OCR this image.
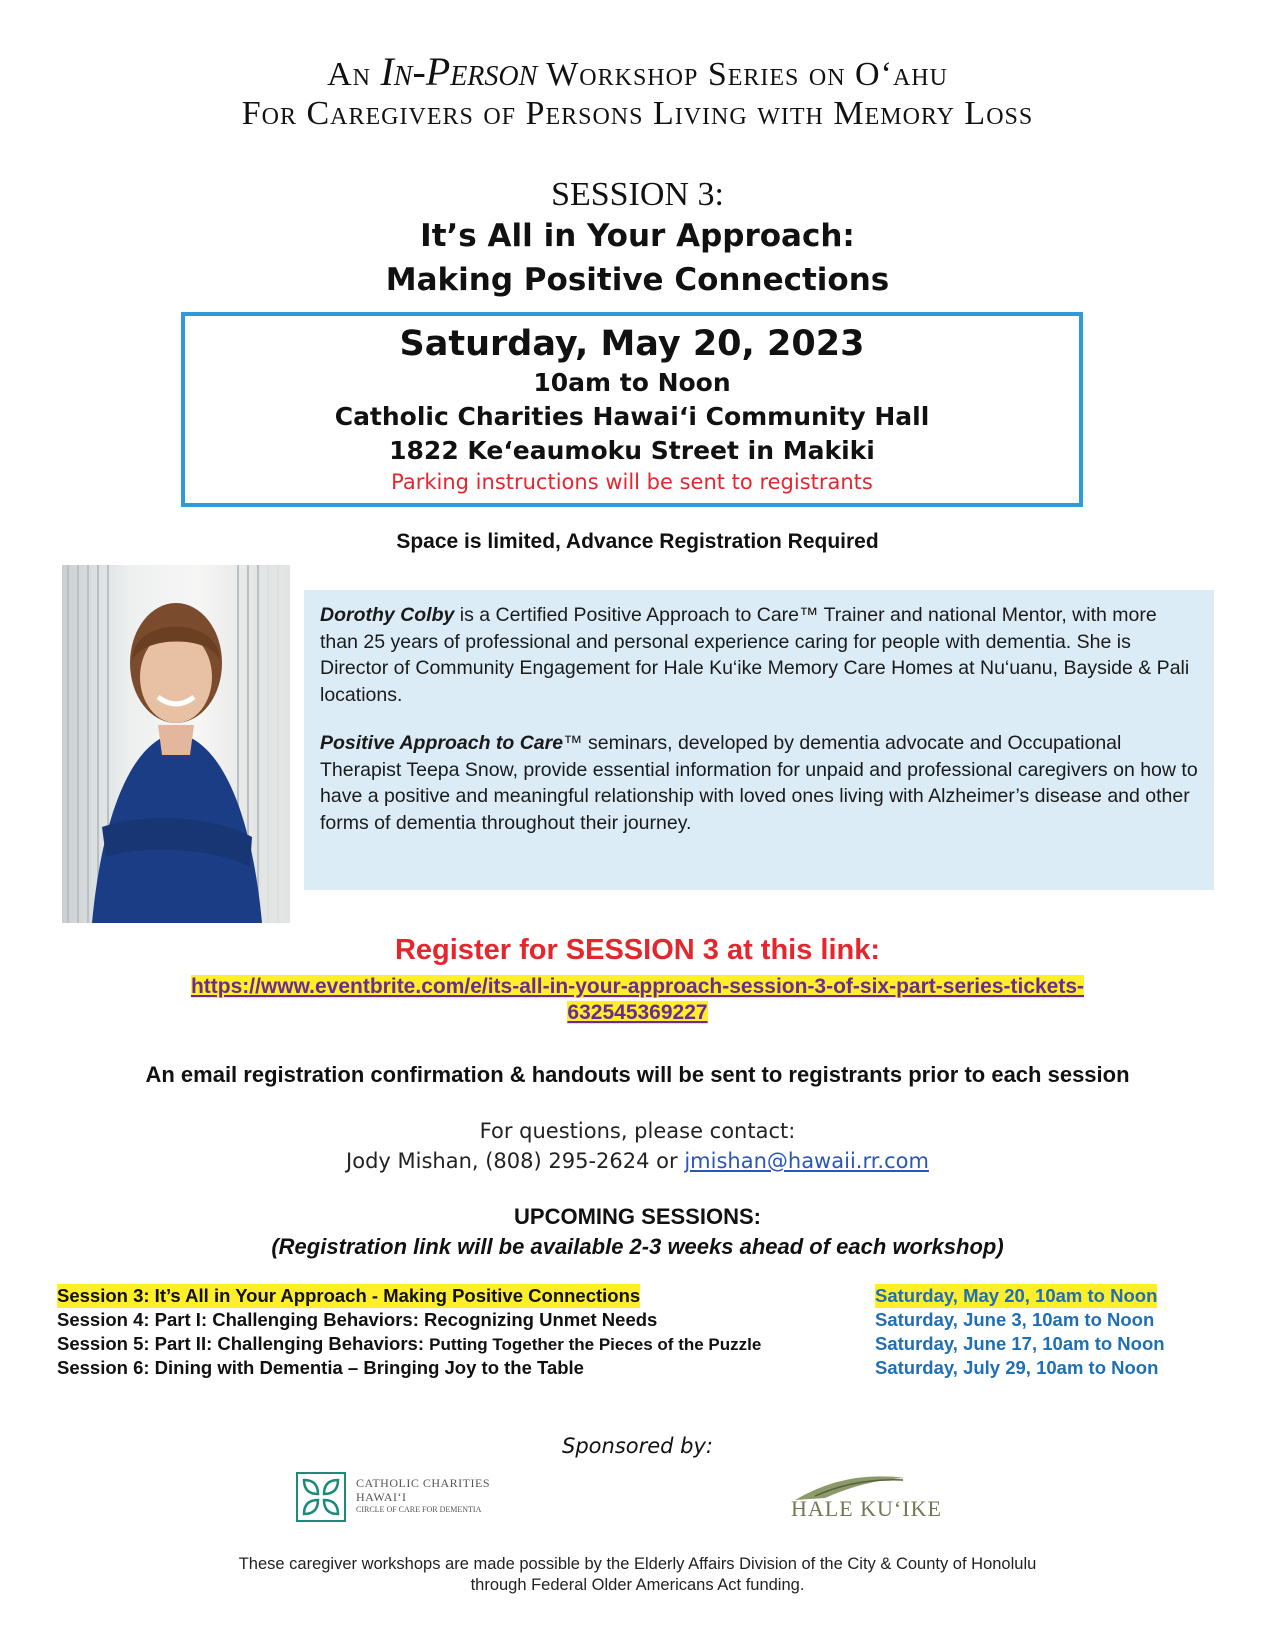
An In-Person Workshop Series on O‘ahu
For Caregivers of Persons Living with Memory Loss
SESSION 3:
It’s All in Your Approach:
Making Positive Connections
Saturday, May 20, 2023
10am to Noon
Catholic Charities Hawai‘i Community Hall
1822 Ke‘eaumoku Street in Makiki
Parking instructions will be sent to registrants
Space is limited, Advance Registration Required

Dorothy Colby is a Certified Positive Approach to Care™ Trainer and national Mentor, with more than 25 years of professional and personal experience caring for people with dementia. She is Director of Community Engagement for Hale Ku‘ike Memory Care Homes at Nu‘uanu, Bayside & Pali locations.

Positive Approach to Care™ seminars, developed by dementia advocate and Occupational Therapist Teepa Snow, provide essential information for unpaid and professional caregivers on how to have a positive and meaningful relationship with loved ones living with Alzheimer’s disease and other forms of dementia throughout their journey.

Register for SESSION 3 at this link:
https://www.eventbrite.com/e/its-all-in-your-approach-session-3-of-six-part-series-tickets-
632545369227
An email registration confirmation & handouts will be sent to registrants prior to each session
For questions, please contact:
Jody Mishan, (808) 295-2624 or jmishan@hawaii.rr.com
UPCOMING SESSIONS:
(Registration link will be available 2-3 weeks ahead of each workshop)
Session 3: It’s All in Your Approach - Making Positive Connections	Saturday, May 20, 10am to Noon
Session 4: Part I: Challenging Behaviors: Recognizing Unmet Needs	Saturday, June 3, 10am to Noon
Session 5: Part II: Challenging Behaviors: Putting Together the Pieces of the Puzzle	Saturday, June 17, 10am to Noon
Session 6: Dining with Dementia – Bringing Joy to the Table	Saturday, July 29, 10am to Noon
Sponsored by:
CATHOLIC CHARITIES
HAWAI‘I
CIRCLE OF CARE FOR DEMENTIA	HALE KU‘IKE
These caregiver workshops are made possible by the Elderly Affairs Division of the City & County of Honolulu
through Federal Older Americans Act funding.
